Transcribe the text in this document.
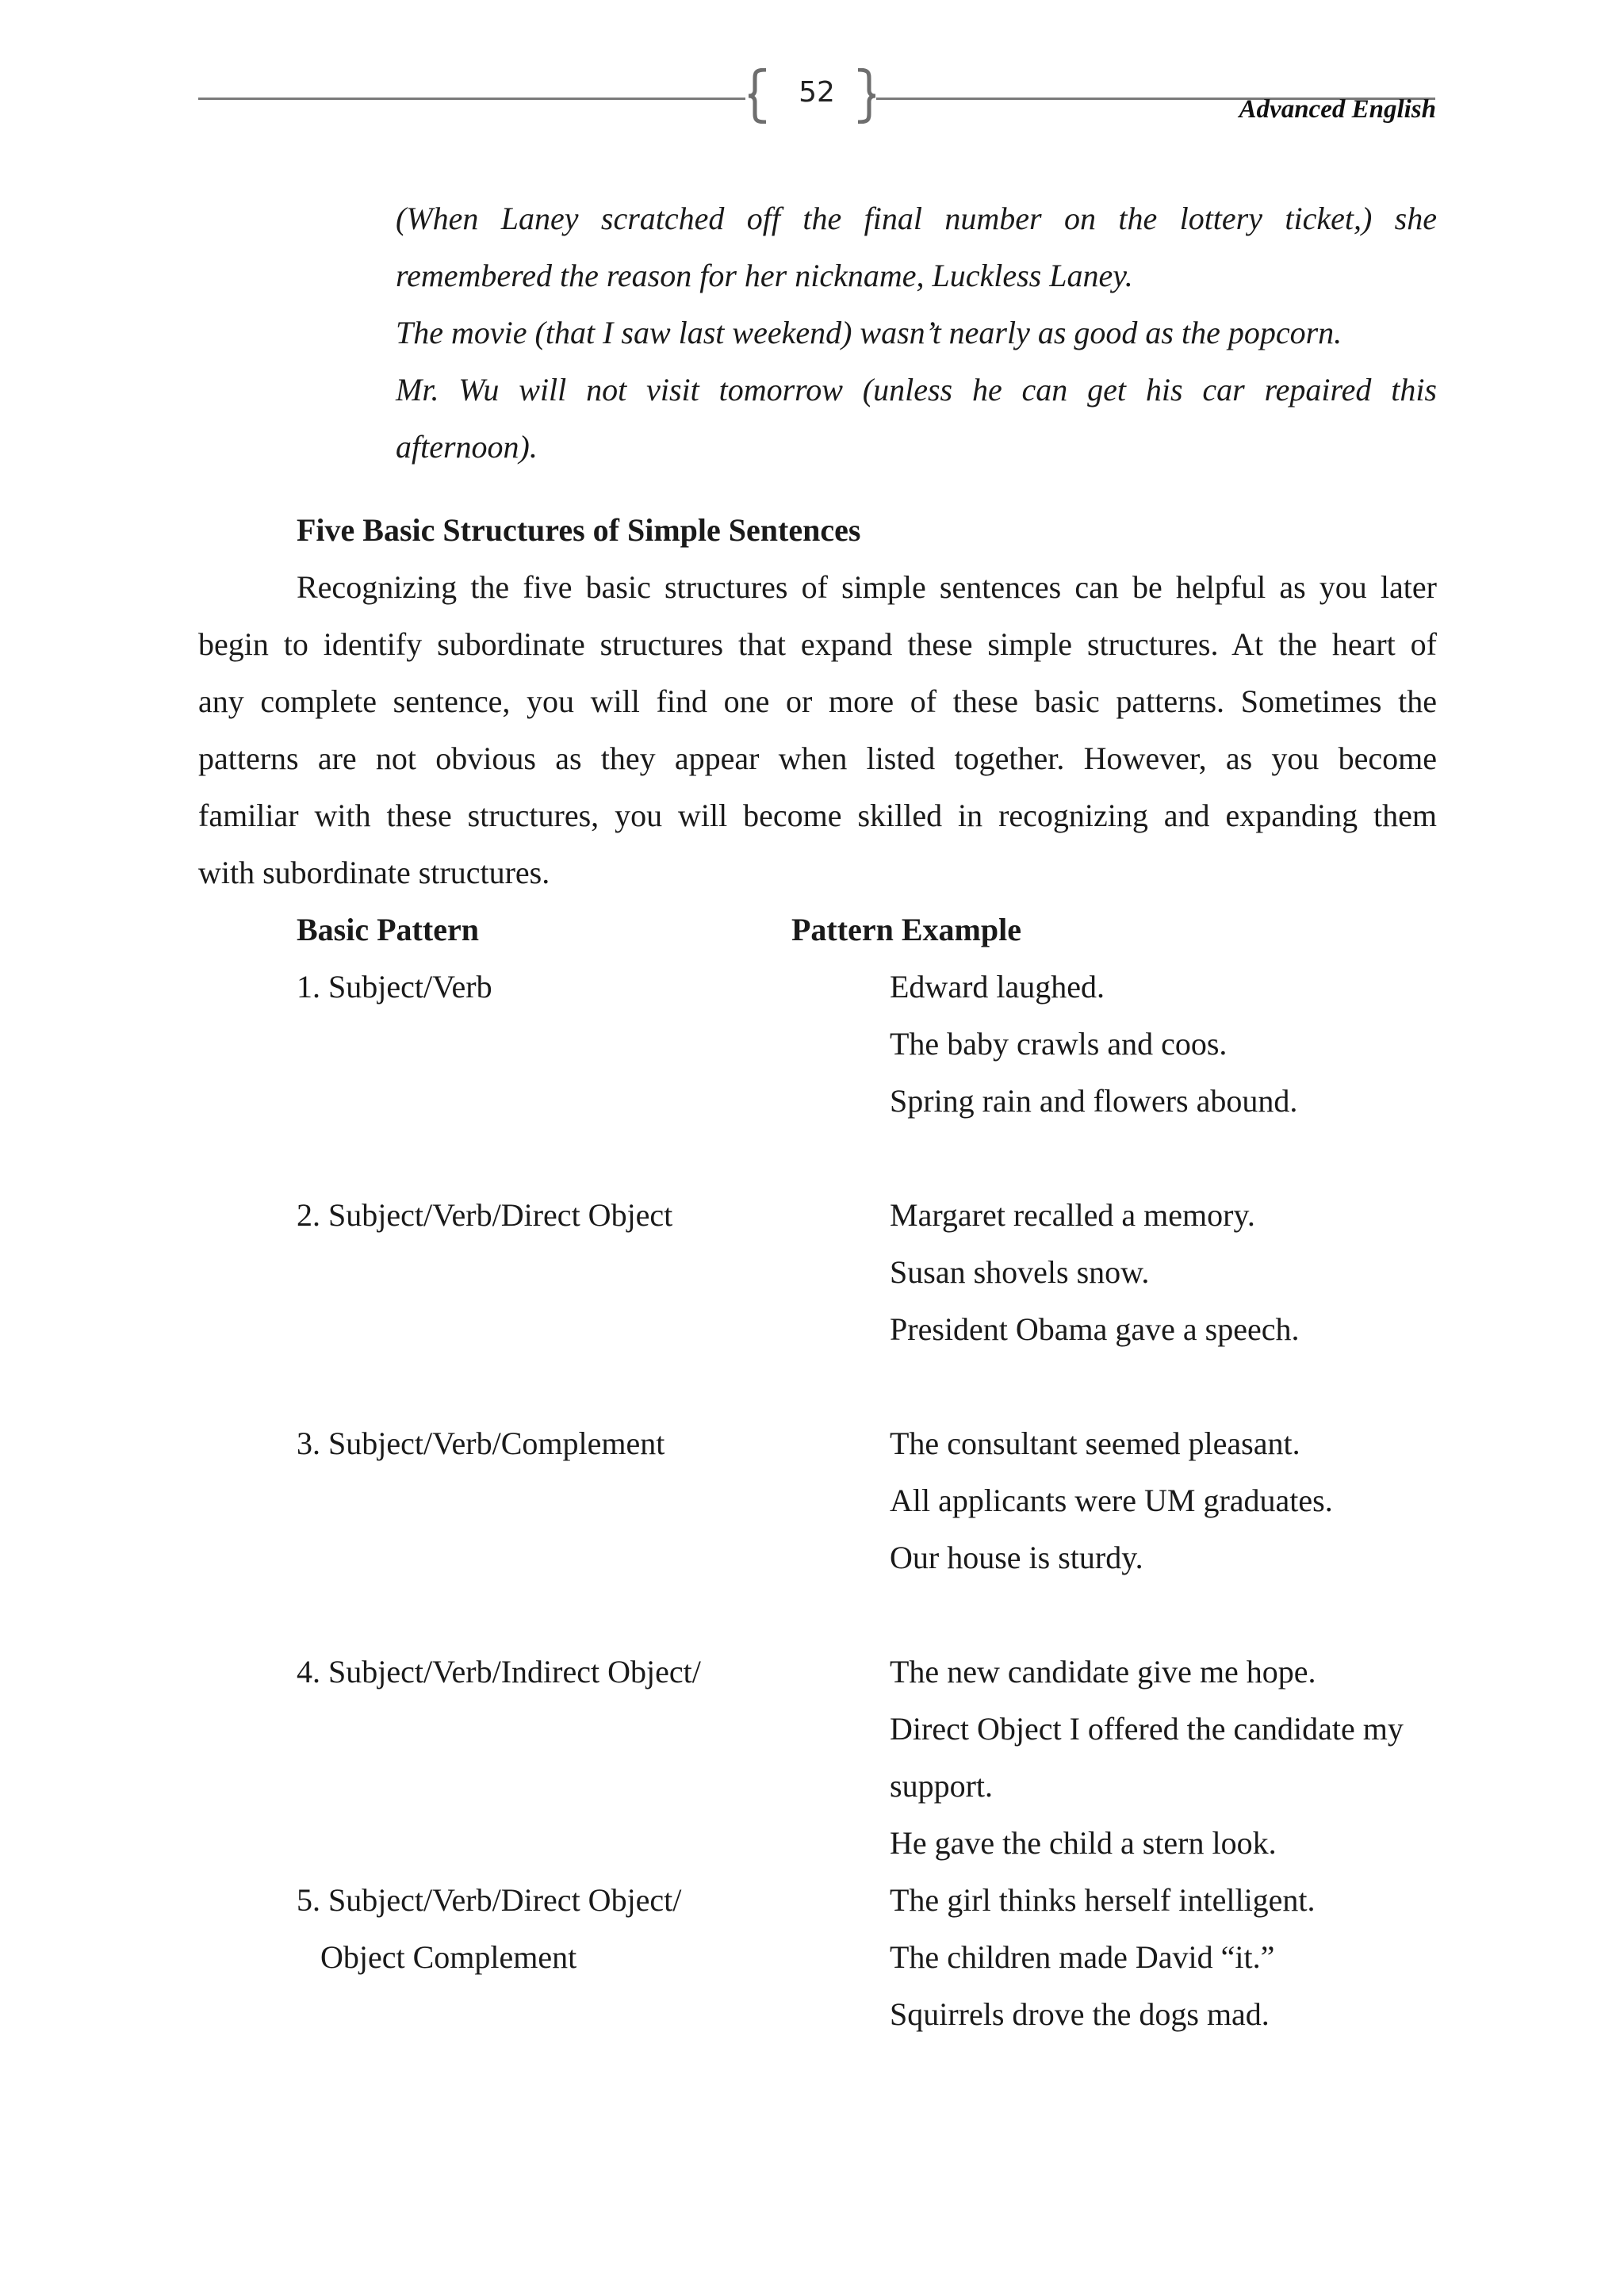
52
Advanced English
(When Laney scratched off the final number on the lottery ticket,) she
remembered the reason for her nickname, Luckless Laney.
The movie (that I saw last weekend) wasn’t nearly as good as the popcorn.
Mr. Wu will not visit tomorrow (unless he can get his car repaired this
afternoon).
Five Basic Structures of Simple Sentences
Recognizing the five basic structures of simple sentences can be helpful as you later
begin to identify subordinate structures that expand these simple structures. At the heart of
any complete sentence, you will find one or more of these basic patterns. Sometimes the
patterns are not obvious as they appear when listed together. However, as you become
familiar with these structures, you will become skilled in recognizing and expanding them
with subordinate structures.
Basic Pattern	Pattern Example
1. Subject/Verb
2. Subject/Verb/Direct Object
3. Subject/Verb/Complement
4. Subject/Verb/Indirect Object/
5. Subject/Verb/Direct Object/
Object Complement
Edward laughed.
The baby crawls and coos.
Spring rain and flowers abound.
Margaret recalled a memory.
Susan shovels snow.
President Obama gave a speech.
The consultant seemed pleasant.
All applicants were UM graduates.
Our house is sturdy.
The new candidate give me hope.
Direct Object I offered the candidate my
support.
He gave the child a stern look.
The girl thinks herself intelligent.
The children made David “it.”
Squirrels drove the dogs mad.
